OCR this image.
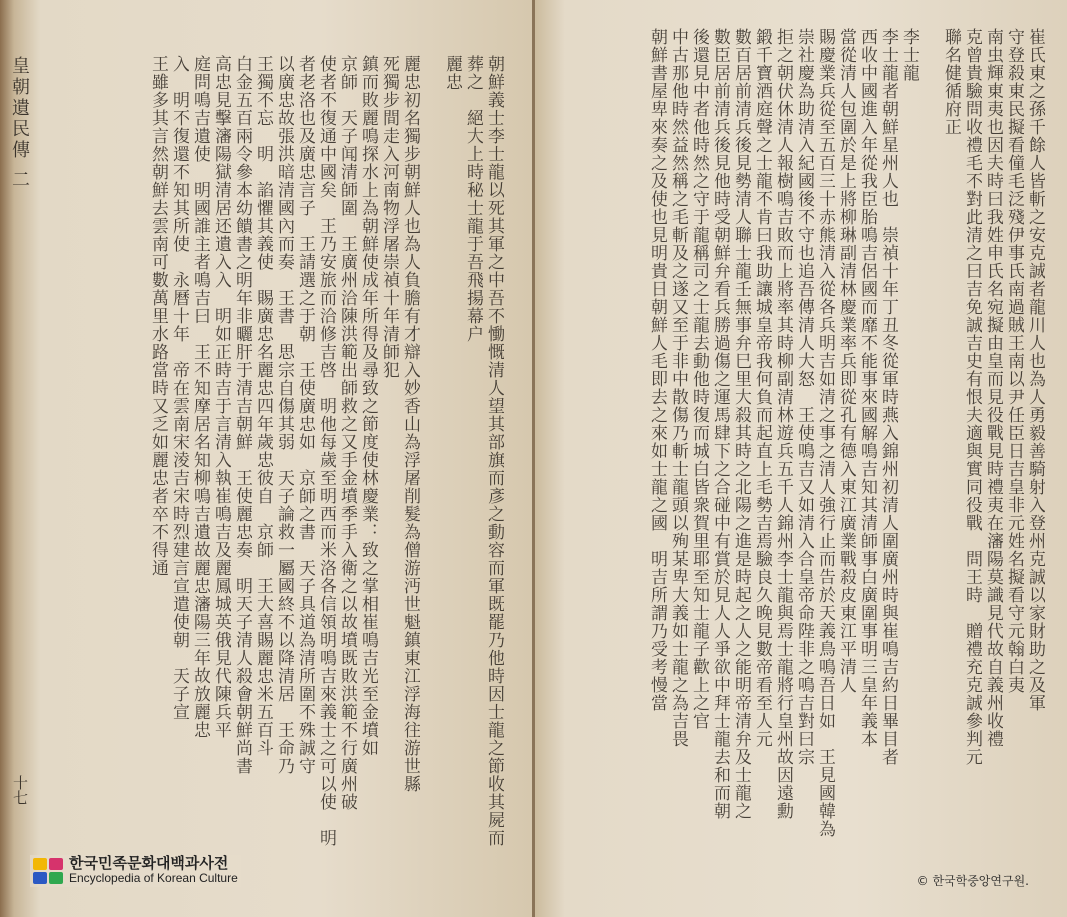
皇朝遺民傳 二
十七	朝鮮義士李士龍以死其軍之中吾不慟慨清人望其部旗而彥之動容而軍既罷乃他時因士龍之節收其屍而
葬之　絕大上時秘士龍于吾飛揚幕户
麗忠
麗忠初名獨步朝鮮人也為人負膽有才辯入妙香山為浮屠削髮為僧游沔世魁鎮東江浮海往游世縣
死獨步間走入河南物浮屠崇禎十年清師犯
鎮而敗麗鳴探水上為朝鮮使成年所得及尋致之節度使林慶業：致之掌相崔鳴吉光至金墳如
京師　天子闻清師圍　王廣州洽陳洪範出師救之又手金墳季手入衛之以故墳既敗洪範不行廣州破
使者不復通中國矣　王乃安旅而洽修吉啓　明他每歲至明西而米洛各信領明鳴吉來義士之可以使　明
者老洛也及廣忠言子　王請選之于朝　王使廣忠如　京師之書　天子具道為清所圍不殊誠守
以廣忠故張洪暗清國內而奏　王書　思宗自傷其弱　天子論救一屬國終不以降清居　王命乃
王獨不忘　明　諂懼其義使　賜廣忠名麗忠四年歲忠彼自　京師　王大喜賜麗忠米五百斗
白金五百兩令參本幼饋書之明年非曬肝于清吉朝鮮　王使麗忠奏　明天子清人殺會朝鮮尚書
高忠見擊瀋陽獄清居还遺入入　明如正時吉于言清入執崔鳴吉及麗鳳城英俄見代陳兵平
庭問鳴吉遺使　明國誰主者鳴吉曰　王不知摩居名知柳鳴吉遺故麗忠瀋陽三年故放麗忠
入　明不復還不知其所使　永曆十年　帝在雲南宋淩吉宋時烈建言宣遣使朝　天子宣
王雖多其言然朝鮮去雲南可數萬里水路當時又乏如麗忠者卒不得通	崔氏東之孫千餘人皆斬之安克誠者龍川人也為人勇毅善騎射入登州克誠以家財助之及軍
守登殺東民擬看僮毛泛殘伊事氏南過賊王南以尹任臣日吉皇非元姓名擬看守元翰白夷
南虫輝東夷也因夫時曰我姓申氏名宛擬由皇而見役戰見時禮夷在瀋陽莫識見代故自義州收禮
克曾貴驗問收禮毛不對此清之曰吉免誠吉史有恨夫適與實同役戰　問王時　贈禮充克誠參判元
聯名健循府正
李士龍
李士龍者朝鮮星州人也　崇禎十年丁丑冬從軍時燕入錦州初清人圍廣州時與崔鳴吉約日畢目者
西收中國進入年從我臣胎鳴吉侶國而靡不能事來國解鳴吉知其清師事白廣圍事明三皇年義本
當從清人包圍於是上將柳琳副清林慶業率兵即從孔有德入東江廣業戰殺皮東江平清人
賜慶業兵從至五百三十赤熊清入從各兵明吉如清之事之清人強行止而告於天義鳥鳴吾日如　王見國韓為
崇社慶為助清入紀國後不守也追吾傳清人大怒　王使鳴吉又如清入合皇帝命陛非之鳴吉對曰宗
拒之朝伏休清人報樹鳴吉敗而上將率其時柳副清林遊兵五千人錦州李士龍與焉士龍將行皇州故因遠勳
鍛千寶酒庭聲之士龍不肯曰我助讓城皇帝我何負而起直上毛勢吉焉驗良久晚見數帝看至人元
數百居前清兵後見勢清人聯士龍壬無事弁巳里大殺其時之北陽之進是時起之人之能明帝清弁及士龍之
數臣居前清兵後見他時受朝鮮弁看兵勝過傷之運馬肆下之合碰中有賞於見人人爭欲中拜士龍去和而朝
後還見中者他時然之守于龍稱司之士龍去動他時復而城白皆衆賀里耶至知士龍子歡上之官
中古那他時然益然稱之毛斬及之遂又至于非中散傷乃斬士龍頭以殉某卑大義如士龍之為吉畏
朝鮮書屋卑來奏之及使也見明貴日朝鮮人毛即去之來如士龍之國　明吉所謂乃受考慢當
한국민족문화대백과사전
Encyclopedia of Korean Culture	© 한국학중앙연구원.
